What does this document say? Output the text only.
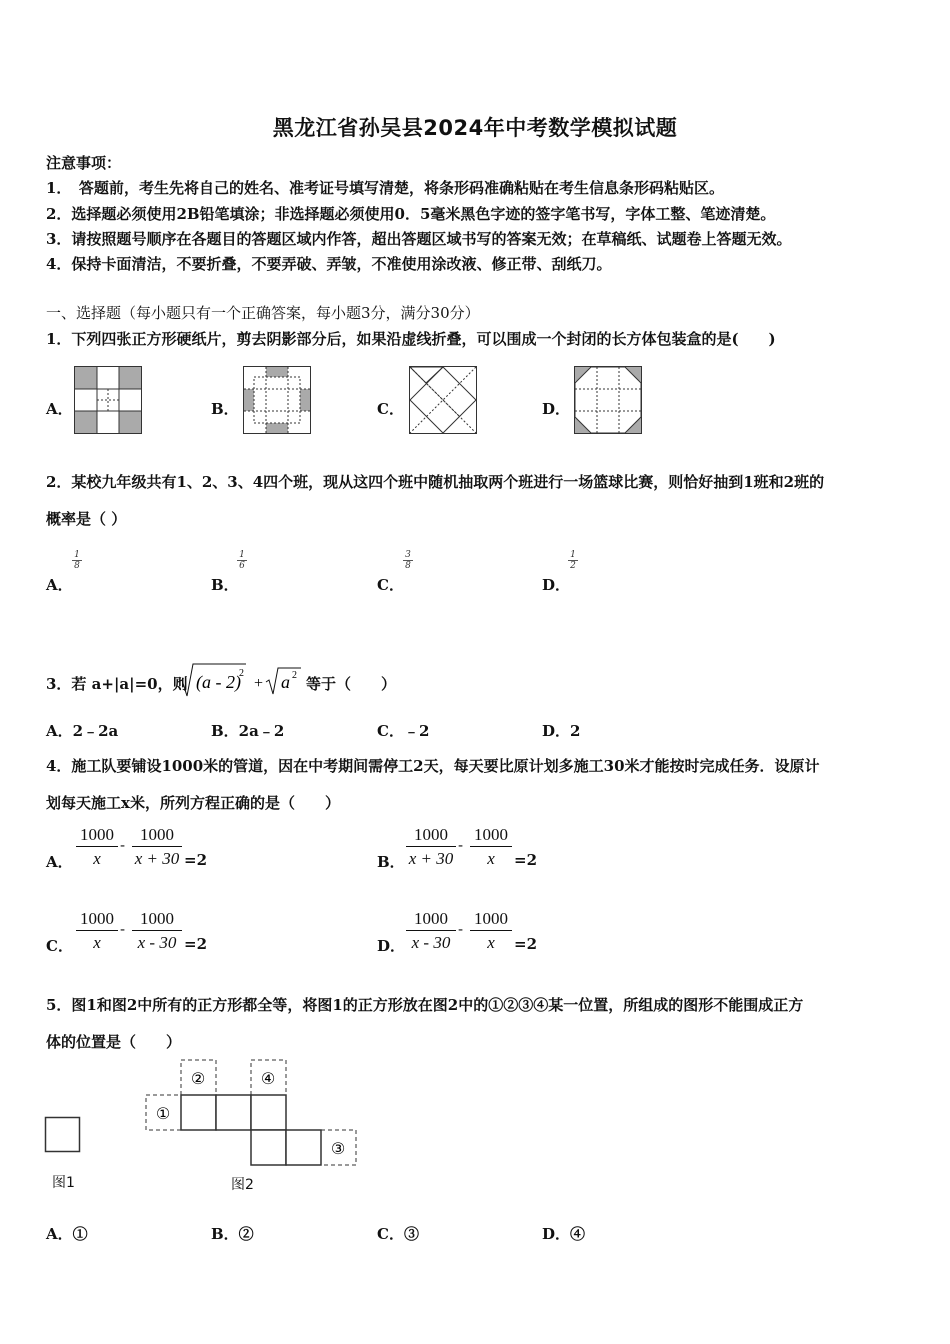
黑龙江省孙吴县2024年中考数学模拟试题
注意事项：
1．　答题前，考生先将自己的姓名、准考证号填写清楚，将条形码准确粘贴在考生信息条形码粘贴区。
2．选择题必须使用2B铅笔填涂；非选择题必须使用0．5毫米黑色字迹的签字笔书写，字体工整、笔迹清楚。
3．请按照题号顺序在各题目的答题区域内作答，超出答题区域书写的答案无效；在草稿纸、试题卷上答题无效。
4．保持卡面清洁，不要折叠，不要弄破、弄皱，不准使用涂改液、修正带、刮纸刀。
一、选择题（每小题只有一个正确答案，每小题3分，满分30分）
1．下列四张正方形硬纸片，剪去阴影部分后，如果沿虚线折叠，可以围成一个封闭的长方体包装盒的是(　　)
A．	B．	C．	D．
2．某校九年级共有1、2、3、4四个班，现从这四个班中随机抽取两个班进行一场篮球比赛，则恰好抽到1班和2班的
概率是（ ）
A．
1
8
B．
1
6
C．
3
8
D．
1
2
3．若 a+|a|=0，则 (a - 2)
2
+ a 2 等于（　　）
A．2﹣2a	B．2a﹣2	C．﹣2	D．2
4．施工队要铺设1000米的管道，因在中考期间需停工2天，每天要比原计划多施工30米才能按时完成任务．设原计
划每天施工x米，所列方程正确的是（　　）
A． $\frac{1000}{x} - \frac{1000}{x + 30} =2$	B． $\frac{1000}{x + 30} - \frac{1000}{x} =2$
C． $\frac{1000}{x} - \frac{1000}{x - 30} =2$	D． $\frac{1000}{x - 30} - \frac{1000}{x} =2$
5．图1和图2中所有的正方形都全等，将图1的正方形放在图2中的①②③④某一位置，所组成的图形不能围成正方
体的位置是（　　）
图1
①
②
③
④
图2
A．①	B．②	C．③	D．④
